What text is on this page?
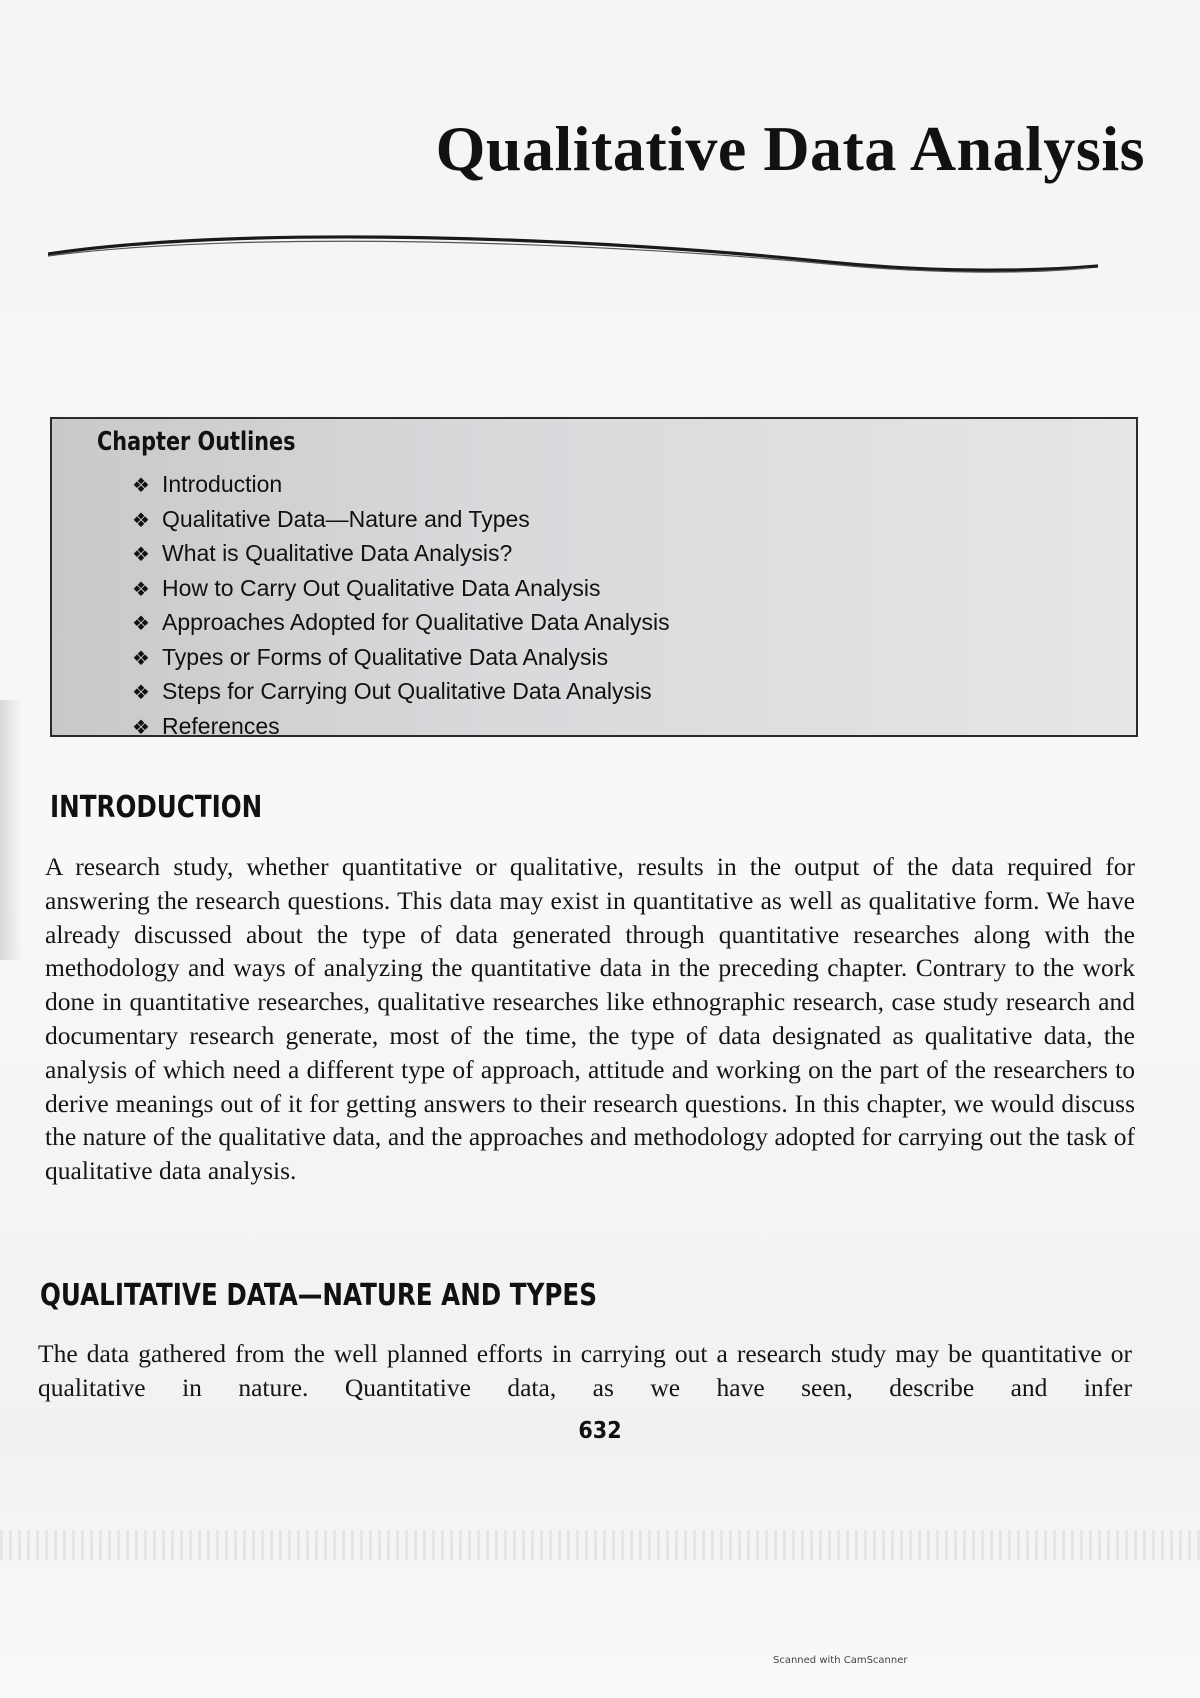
Qualitative Data Analysis
Chapter Outlines
❖ Introduction
❖ Qualitative Data—Nature and Types
❖ What is Qualitative Data Analysis?
❖ How to Carry Out Qualitative Data Analysis
❖ Approaches Adopted for Qualitative Data Analysis
❖ Types or Forms of Qualitative Data Analysis
❖ Steps for Carrying Out Qualitative Data Analysis
❖ References
INTRODUCTION

A research study, whether quantitative or qualitative, results in the output of the data required for answering the research questions. This data may exist in quantitative as well as qualitative form. We have already discussed about the type of data generated through quantitative researches along with the methodology and ways of analyzing the quantitative data in the preceding chapter. Contrary to the work done in quantitative researches, qualitative researches like ethnographic research, case study research and documentary research generate, most of the time, the type of data designated as qualitative data, the analysis of which need a different type of approach, attitude and working on the part of the researchers to derive meanings out of it for getting answers to their research questions. In this chapter, we would discuss the nature of the qualitative data, and the approaches and methodology adopted for carrying out the task of qualitative data analysis.

QUALITATIVE DATA—NATURE AND TYPES

The data gathered from the well planned efforts in carrying out a research study may be quantitative or qualitative in nature. Quantitative data, as we have seen, describe and infer

632

Scanned with CamScanner
